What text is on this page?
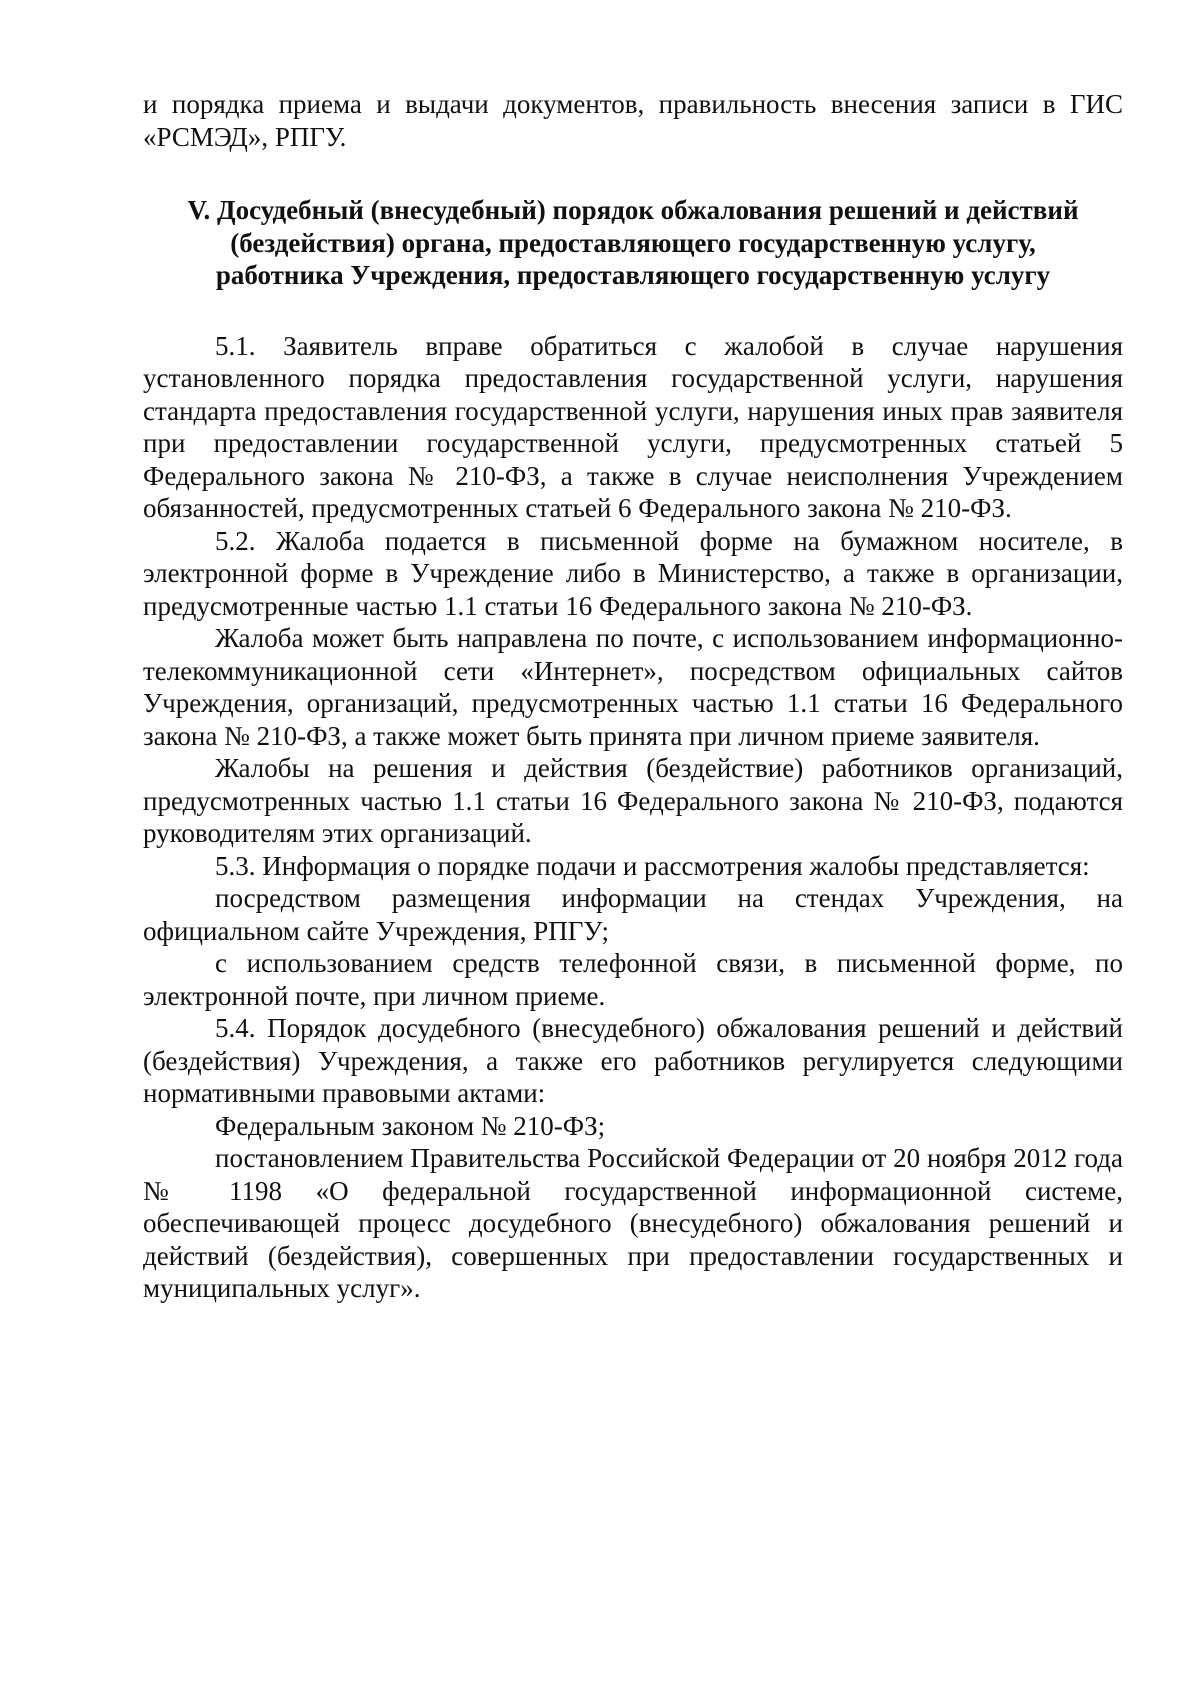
и порядка приема и выдачи документов, правильность внесения записи в ГИС «РСМЭД», РПГУ.

V. Досудебный (внесудебный) порядок обжалования решений и действий
(бездействия) органа, предоставляющего государственную услугу,
работника Учреждения, предоставляющего государственную услугу

5.1. Заявитель вправе обратиться с жалобой в случае нарушения установленного порядка предоставления государственной услуги, нарушения стандарта предоставления государственной услуги, нарушения иных прав заявителя при предоставлении государственной услуги, предусмотренных статьей 5 Федерального закона № 210-ФЗ, а также в случае неисполнения Учреждением обязанностей, предусмотренных статьей 6 Федерального закона № 210-ФЗ.

5.2. Жалоба подается в письменной форме на бумажном носителе, в электронной форме в Учреждение либо в Министерство, а также в организации, предусмотренные частью 1.1 статьи 16 Федерального закона № 210-ФЗ.

Жалоба может быть направлена по почте, с использованием информационно-телекоммуникационной сети «Интернет», посредством официальных сайтов Учреждения, организаций, предусмотренных частью 1.1 статьи 16 Федерального закона № 210-ФЗ, а также может быть принята при личном приеме заявителя.

Жалобы на решения и действия (бездействие) работников организаций, предусмотренных частью 1.1 статьи 16 Федерального закона № 210-ФЗ, подаются руководителям этих организаций.

5.3. Информация о порядке подачи и рассмотрения жалобы представляется:

посредством размещения информации на стендах Учреждения, на официальном сайте Учреждения, РПГУ;

с использованием средств телефонной связи, в письменной форме, по электронной почте, при личном приеме.

5.4. Порядок досудебного (внесудебного) обжалования решений и действий (бездействия) Учреждения, а также его работников регулируется следующими нормативными правовыми актами:

Федеральным законом № 210-ФЗ;

постановлением Правительства Российской Федерации от 20 ноября 2012 года № 1198 «О федеральной государственной информационной системе, обеспечивающей процесс досудебного (внесудебного) обжалования решений и действий (бездействия), совершенных при предоставлении государственных и муниципальных услуг».
